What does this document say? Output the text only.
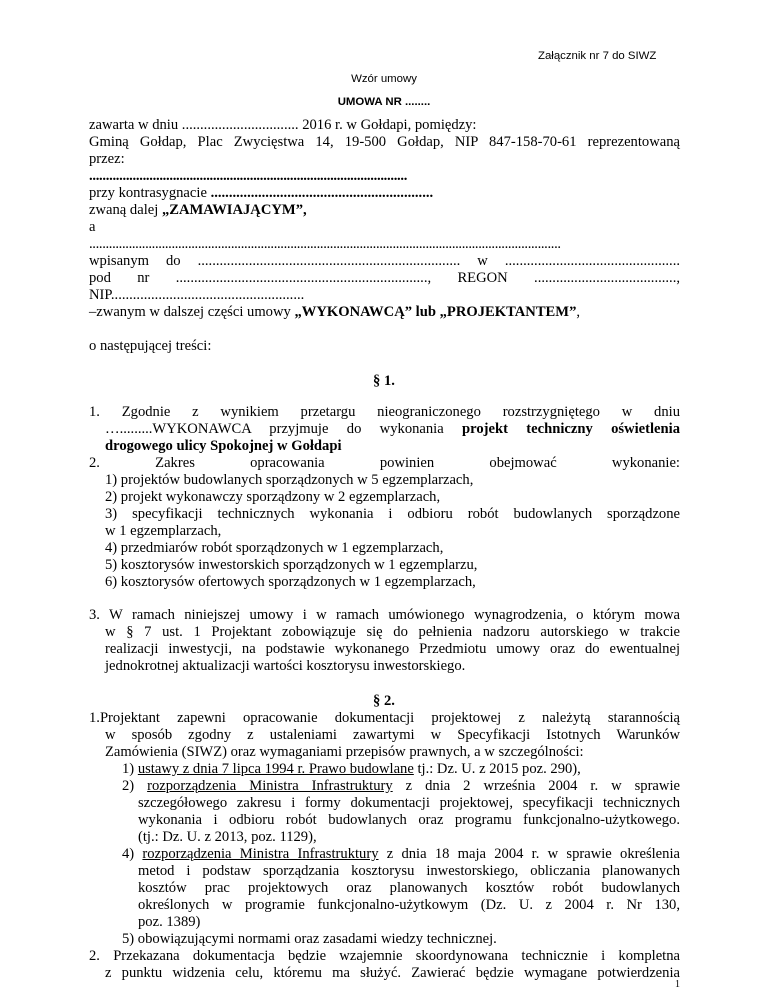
Załącznik nr 7 do SIWZ
Wzór umowy
UMOWA NR ........
zawarta w dniu ................................ 2016 r. w Gołdapi, pomiędzy:
Gminą Gołdap, Plac Zwycięstwa 14, 19-500 Gołdap, NIP 847-158-70-61 reprezentowaną
przez:
...............................................................................................
przy kontrasygnacie .............................................................
zwaną dalej „ZAMAWIAJĄCYM”,
a
...............................................................................................................................................
wpisanym do ........................................................................ w ................................................
pod nr ....................................................................., REGON .......................................,
NIP.....................................................
–zwanym w dalszej części umowy „WYKONAWCĄ” lub „PROJEKTANTEM”,
o następującej treści:
§ 1.
1. Zgodnie z wynikiem przetargu nieograniczonego rozstrzygniętego w dniu
….........WYKONAWCA przyjmuje do wykonania projekt techniczny oświetlenia
drogowego ulicy Spokojnej w Gołdapi
2. Zakres opracowania powinien obejmować wykonanie:
1) projektów budowlanych sporządzonych w 5 egzemplarzach,
2) projekt wykonawczy sporządzony w 2 egzemplarzach,
3) specyfikacji technicznych wykonania i odbioru robót budowlanych sporządzone
w 1 egzemplarzach,
4) przedmiarów robót sporządzonych w 1 egzemplarzach,
5) kosztorysów inwestorskich sporządzonych w 1 egzemplarzu,
6) kosztorysów ofertowych sporządzonych w 1 egzemplarzach,
3. W ramach niniejszej umowy i w ramach umówionego wynagrodzenia, o którym mowa
w § 7 ust. 1 Projektant zobowiązuje się do pełnienia nadzoru autorskiego w trakcie
realizacji inwestycji, na podstawie wykonanego Przedmiotu umowy oraz do ewentualnej
jednokrotnej aktualizacji wartości kosztorysu inwestorskiego.
§ 2.
1.Projektant zapewni opracowanie dokumentacji projektowej z należytą starannością
w sposób zgodny z ustaleniami zawartymi w Specyfikacji Istotnych Warunków
Zamówienia (SIWZ) oraz wymaganiami przepisów prawnych, a w szczególności:
1) ustawy z dnia 7 lipca 1994 r. Prawo budowlane tj.: Dz. U. z 2015 poz. 290),
2) rozporządzenia Ministra Infrastruktury z dnia 2 września 2004 r. w sprawie
szczegółowego zakresu i formy dokumentacji projektowej, specyfikacji technicznych
wykonania i odbioru robót budowlanych oraz programu funkcjonalno-użytkowego.
(tj.: Dz. U. z 2013, poz. 1129),
4) rozporządzenia Ministra Infrastruktury z dnia 18 maja 2004 r. w sprawie określenia
metod i podstaw sporządzania kosztorysu inwestorskiego, obliczania planowanych
kosztów prac projektowych oraz planowanych kosztów robót budowlanych
określonych w programie funkcjonalno-użytkowym (Dz. U. z 2004 r. Nr 130,
poz. 1389)
5) obowiązującymi normami oraz zasadami wiedzy technicznej.
2. Przekazana dokumentacja będzie wzajemnie skoordynowana technicznie i kompletna
z punktu widzenia celu, któremu ma służyć. Zawierać będzie wymagane potwierdzenia
1
